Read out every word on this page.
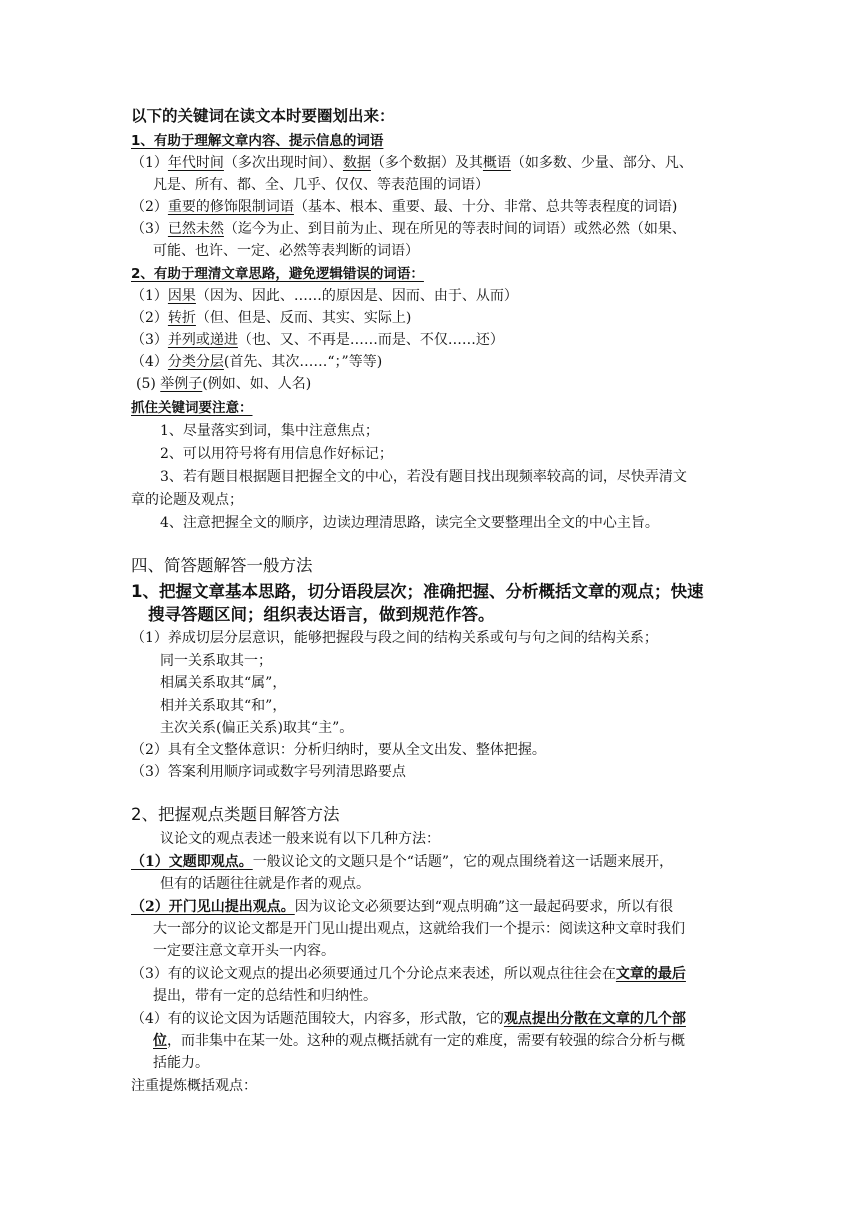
以下的关键词在读文本时要圈划出来：
1、有助于理解文章内容、提示信息的词语
（1）年代时间（多次出现时间）、数据（多个数据）及其概语（如多数、少量、部分、凡、
凡是、所有、都、全、几乎、仅仅、等表范围的词语）
（2）重要的修饰限制词语（基本、根本、重要、最、十分、非常、总共等表程度的词语)
（3）已然未然（迄今为止、到目前为止、现在所见的等表时间的词语）或然必然（如果、
可能、也许、一定、必然等表判断的词语）
2、有助于理清文章思路，避免逻辑错误的词语：
（1）因果（因为、因此、……的原因是、因而、由于、从而）
（2）转折（但、但是、反而、其实、实际上)
（3）并列或递进（也、又、不再是……而是、不仅……还）
（4）分类分层(首先、其次……“；”等等)
(5) 举例子(例如、如、人名)
抓住关键词要注意：
1、尽量落实到词，集中注意焦点；
2、可以用符号将有用信息作好标记；
3、若有题目根据题目把握全文的中心，若没有题目找出现频率较高的词，尽快弄清文
章的论题及观点；
4、注意把握全文的顺序，边读边理清思路，读完全文要整理出全文的中心主旨。
四、简答题解答一般方法
1、把握文章基本思路，切分语段层次；准确把握、分析概括文章的观点；快速
搜寻答题区间；组织表达语言，做到规范作答。
（1）养成切层分层意识，能够把握段与段之间的结构关系或句与句之间的结构关系；
同一关系取其一；
相属关系取其“属”，
相并关系取其“和”，
主次关系(偏正关系)取其“主”。
（2）具有全文整体意识：分析归纳时，要从全文出发、整体把握。
（3）答案利用顺序词或数字号列清思路要点
2、把握观点类题目解答方法
议论文的观点表述一般来说有以下几种方法：
（1）文题即观点。一般议论文的文题只是个“话题”，它的观点围绕着这一话题来展开，
但有的话题往往就是作者的观点。
（2）开门见山提出观点。因为议论文必须要达到“观点明确”这一最起码要求，所以有很
大一部分的议论文都是开门见山提出观点，这就给我们一个提示：阅读这种文章时我们
一定要注意文章开头一内容。
（3）有的议论文观点的提出必须要通过几个分论点来表述，所以观点往往会在文章的最后
提出，带有一定的总结性和归纳性。
（4）有的议论文因为话题范围较大，内容多，形式散，它的观点提出分散在文章的几个部
位，而非集中在某一处。这种的观点概括就有一定的难度，需要有较强的综合分析与概
括能力。
注重提炼概括观点：
